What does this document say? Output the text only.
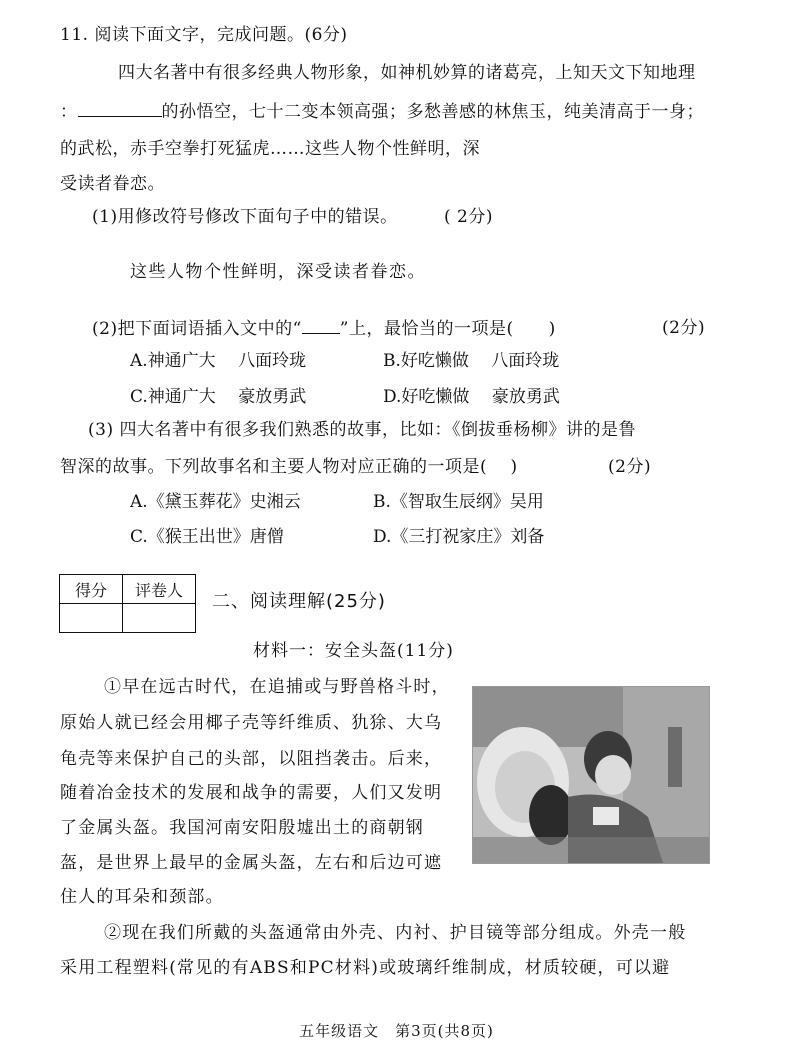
11. 阅读下面文字，完成问题。(6分)
四大名著中有很多经典人物形象，如神机妙算的诸葛亮，上知天文下知地理
：	的孙悟空，七十二变本领高强；多愁善感的林焦玉，纯美清高于一身；
的武松，赤手空拳打死猛虎……这些人物个性鲜明，深
受读者眷恋。
(1)用修改符号修改下面句子中的错误。	( 2分)
这些人物个性鲜明，深受读者眷恋。
(2)把下面词语插入文中的“ ”上，最恰当的一项是(　　)	(2分)
A.神通广大　 八面玲珑	B.好吃懒做　 八面玲珑
C.神通广大　 豪放勇武	D.好吃懒做　 豪放勇武
(3) 四大名著中有很多我们熟悉的故事，比如：《倒拔垂杨柳》讲的是鲁
智深的故事。下列故事名和主要人物对应正确的一项是(　 )	(2分)
A.《黛玉葬花》史湘云	B.《智取生辰纲》吴用
C.《猴王出世》唐僧	D.《三打祝家庄》刘备
得分	评卷人

二、阅读理解(25分)
材料一：安全头盔(11分)
①早在远古时代，在追捕或与野兽格斗时，
原始人就已经会用椰子壳等纤维质、犰狳、大乌
龟壳等来保护自己的头部，以阻挡袭击。后来，
随着冶金技术的发展和战争的需要，人们又发明
了金属头盔。我国河南安阳殷墟出土的商朝钢
盔，是世界上最早的金属头盔，左右和后边可遮
住人的耳朵和颈部。
②现在我们所戴的头盔通常由外壳、内衬、护目镜等部分组成。外壳一般
采用工程塑料(常见的有ABS和PC材料)或玻璃纤维制成，材质较硬，可以避
五年级语文　第3页(共8页)
